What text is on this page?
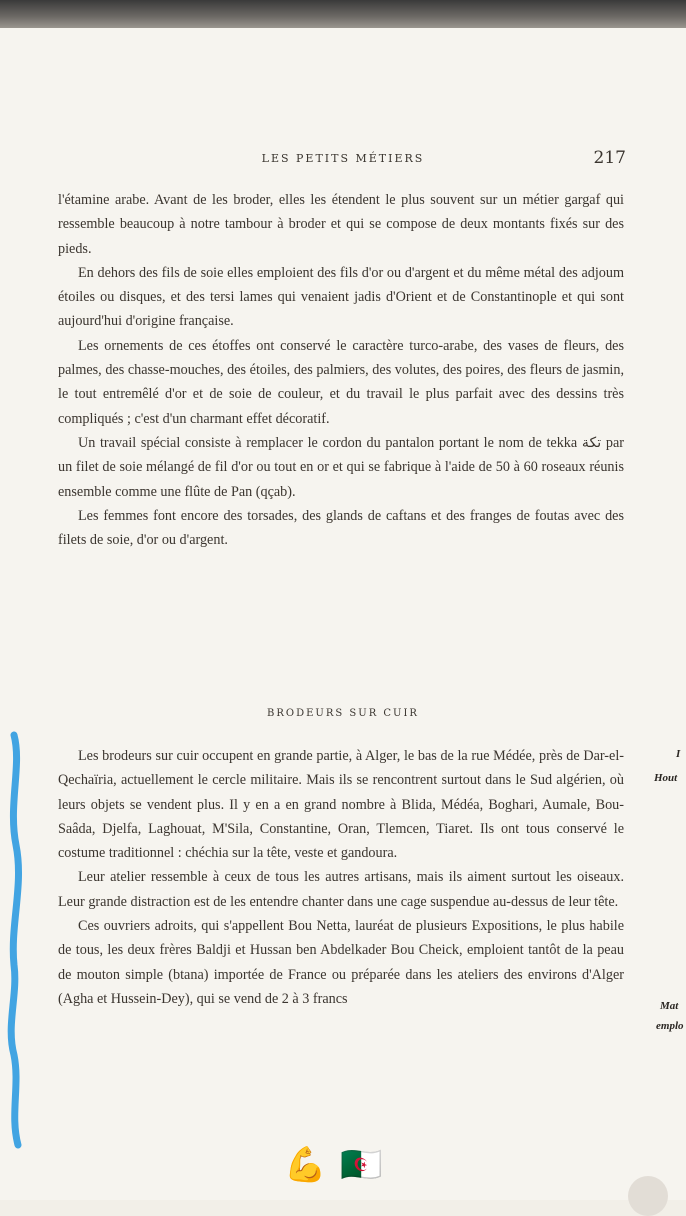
LES PETITS MÉTIERS	217

l'étamine arabe. Avant de les broder, elles les étendent le plus souvent sur un métier gargaf qui ressemble beaucoup à notre tambour à broder et qui se compose de deux montants fixés sur des pieds.

En dehors des fils de soie elles emploient des fils d'or ou d'argent et du même métal des adjoum étoiles ou disques, et des tersi lames qui venaient jadis d'Orient et de Constantinople et qui sont aujourd'hui d'origine française.

Les ornements de ces étoffes ont conservé le caractère turco-arabe, des vases de fleurs, des palmes, des chasse-mouches, des étoiles, des palmiers, des volutes, des poires, des fleurs de jasmin, le tout entremêlé d'or et de soie de couleur, et du travail le plus parfait avec des dessins très compliqués ; c'est d'un charmant effet décoratif.

Un travail spécial consiste à remplacer le cordon du pantalon portant le nom de tekka تكة par un filet de soie mélangé de fil d'or ou tout en or et qui se fabrique à l'aide de 50 à 60 roseaux réunis ensemble comme une flûte de Pan (qçab).

Les femmes font encore des torsades, des glands de caftans et des franges de foutas avec des filets de soie, d'or ou d'argent.

BRODEURS SUR CUIR

Les brodeurs sur cuir occupent en grande partie, à Alger, le bas de la rue Médée, près de Dar-el-Qechaïria, actuellement le cercle militaire. Mais ils se rencontrent surtout dans le Sud algérien, où leurs objets se vendent plus. Il y en a en grand nombre à Blida, Médéa, Boghari, Aumale, Bou-Saâda, Djelfa, Laghouat, M'Sila, Constantine, Oran, Tlemcen, Tiaret. Ils ont tous conservé le costume traditionnel : chéchia sur la tête, veste et gandoura.

Leur atelier ressemble à ceux de tous les autres artisans, mais ils aiment surtout les oiseaux. Leur grande distraction est de les entendre chanter dans une cage suspendue au-dessus de leur tête.

Ces ouvriers adroits, qui s'appellent Bou Netta, lauréat de plusieurs Expositions, le plus habile de tous, les deux frères Baldji et Hussan ben Abdelkader Bou Cheick, emploient tantôt de la peau de mouton simple (btana) importée de France ou préparée dans les ateliers des environs d'Alger (Agha et Hussein-Dey), qui se vend de 2 à 3 francs

I
Hout
Mat
emplo
💪 🇩🇿
